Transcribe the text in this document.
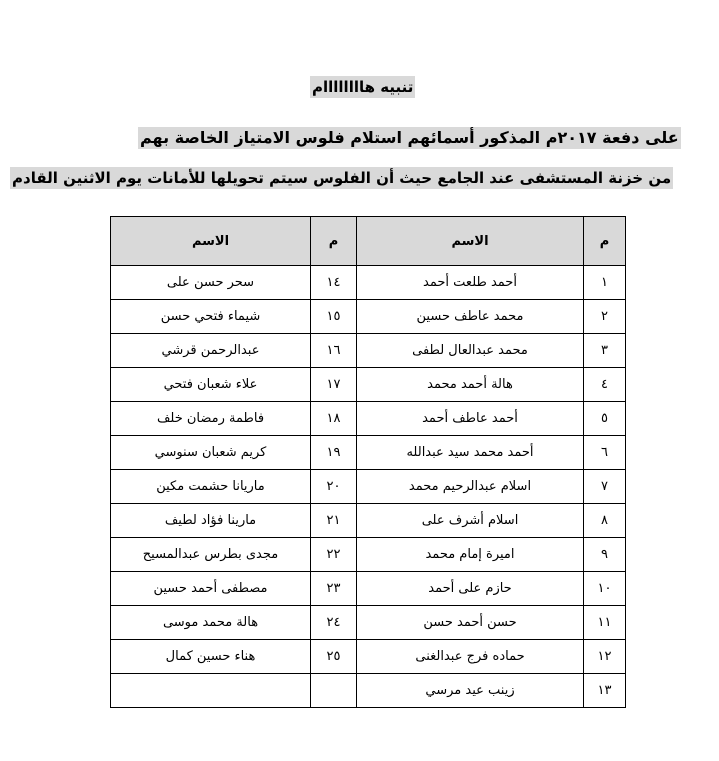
تنبيه هاااااااام
على دفعة ٢٠١٧م المذكور أسمائهم استلام فلوس الامتياز الخاصة بهم
من خزنة المستشفى عند الجامع حيث أن الفلوس سيتم تحويلها للأمانات يوم الاثنين القادم
م	الاسم	م	الاسم
١	أحمد طلعت أحمد	١٤	سحر حسن على
٢	محمد عاطف حسين	١٥	شيماء فتحي حسن
٣	محمد عبدالعال لطفى	١٦	عبدالرحمن قرشي
٤	هالة أحمد محمد	١٧	علاء شعبان فتحي
٥	أحمد عاطف أحمد	١٨	فاطمة رمضان خلف
٦	أحمد محمد سيد عبدالله	١٩	كريم شعبان سنوسي
٧	اسلام عبدالرحيم محمد	٢٠	ماريانا حشمت مكين
٨	اسلام أشرف على	٢١	مارينا فؤاد لطيف
٩	اميرة إمام محمد	٢٢	مجدى بطرس عبدالمسيح
١٠	حازم على أحمد	٢٣	مصطفى أحمد حسين
١١	حسن أحمد حسن	٢٤	هالة محمد موسى
١٢	حماده فرج عبدالغنى	٢٥	هناء حسين كمال
١٣	زينب عيد مرسي		
